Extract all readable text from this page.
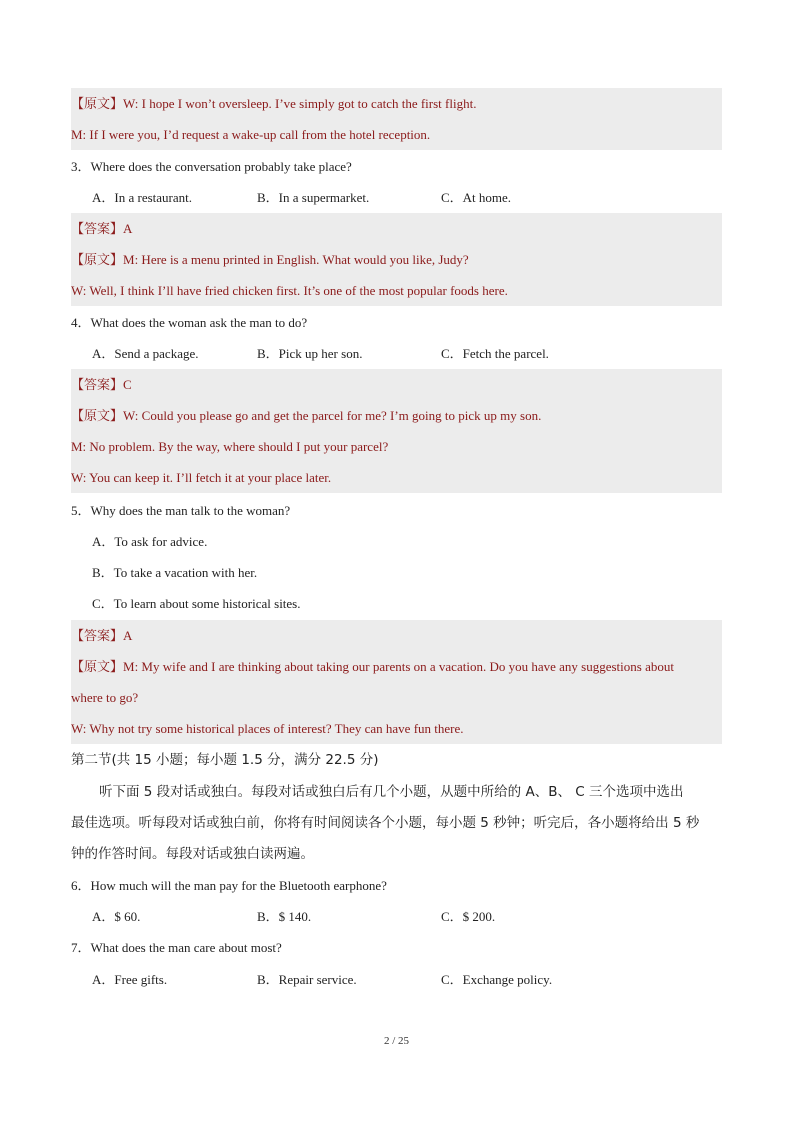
【原文】W: I hope I won’t oversleep. I’ve simply got to catch the first flight.
M: If I were you, I’d request a wake-up call from the hotel reception.
3．Where does the conversation probably take place?
A．In a restaurant.	B．In a supermarket.	C．At home.
【答案】A
【原文】M: Here is a menu printed in English. What would you like, Judy?
W: Well, I think I’ll have fried chicken first. It’s one of the most popular foods here.
4．What does the woman ask the man to do?
A．Send a package.	B．Pick up her son.	C．Fetch the parcel.
【答案】C
【原文】W: Could you please go and get the parcel for me? I’m going to pick up my son.
M: No problem. By the way, where should I put your parcel?
W: You can keep it. I’ll fetch it at your place later.
5．Why does the man talk to the woman?
A．To ask for advice.
B．To take a vacation with her.
C．To learn about some historical sites.
【答案】A
【原文】M: My wife and I are thinking about taking our parents on a vacation. Do you have any suggestions about
where to go?
W: Why not try some historical places of interest? They can have fun there.
第二节(共 15 小题；每小题 1.5 分，满分 22.5 分)
听下面 5 段对话或独白。每段对话或独白后有几个小题，从题中所给的 A、B、 C 三个选项中选出
最佳选项。听每段对话或独白前，你将有时间阅读各个小题，每小题 5 秒钟；听完后，各小题将给出 5 秒
钟的作答时间。每段对话或独白读两遍。
6．How much will the man pay for the Bluetooth earphone?
A．$ 60.	B．$ 140.	C．$ 200.
7．What does the man care about most?
A．Free gifts.	B．Repair service.	C．Exchange policy.
2 / 25
